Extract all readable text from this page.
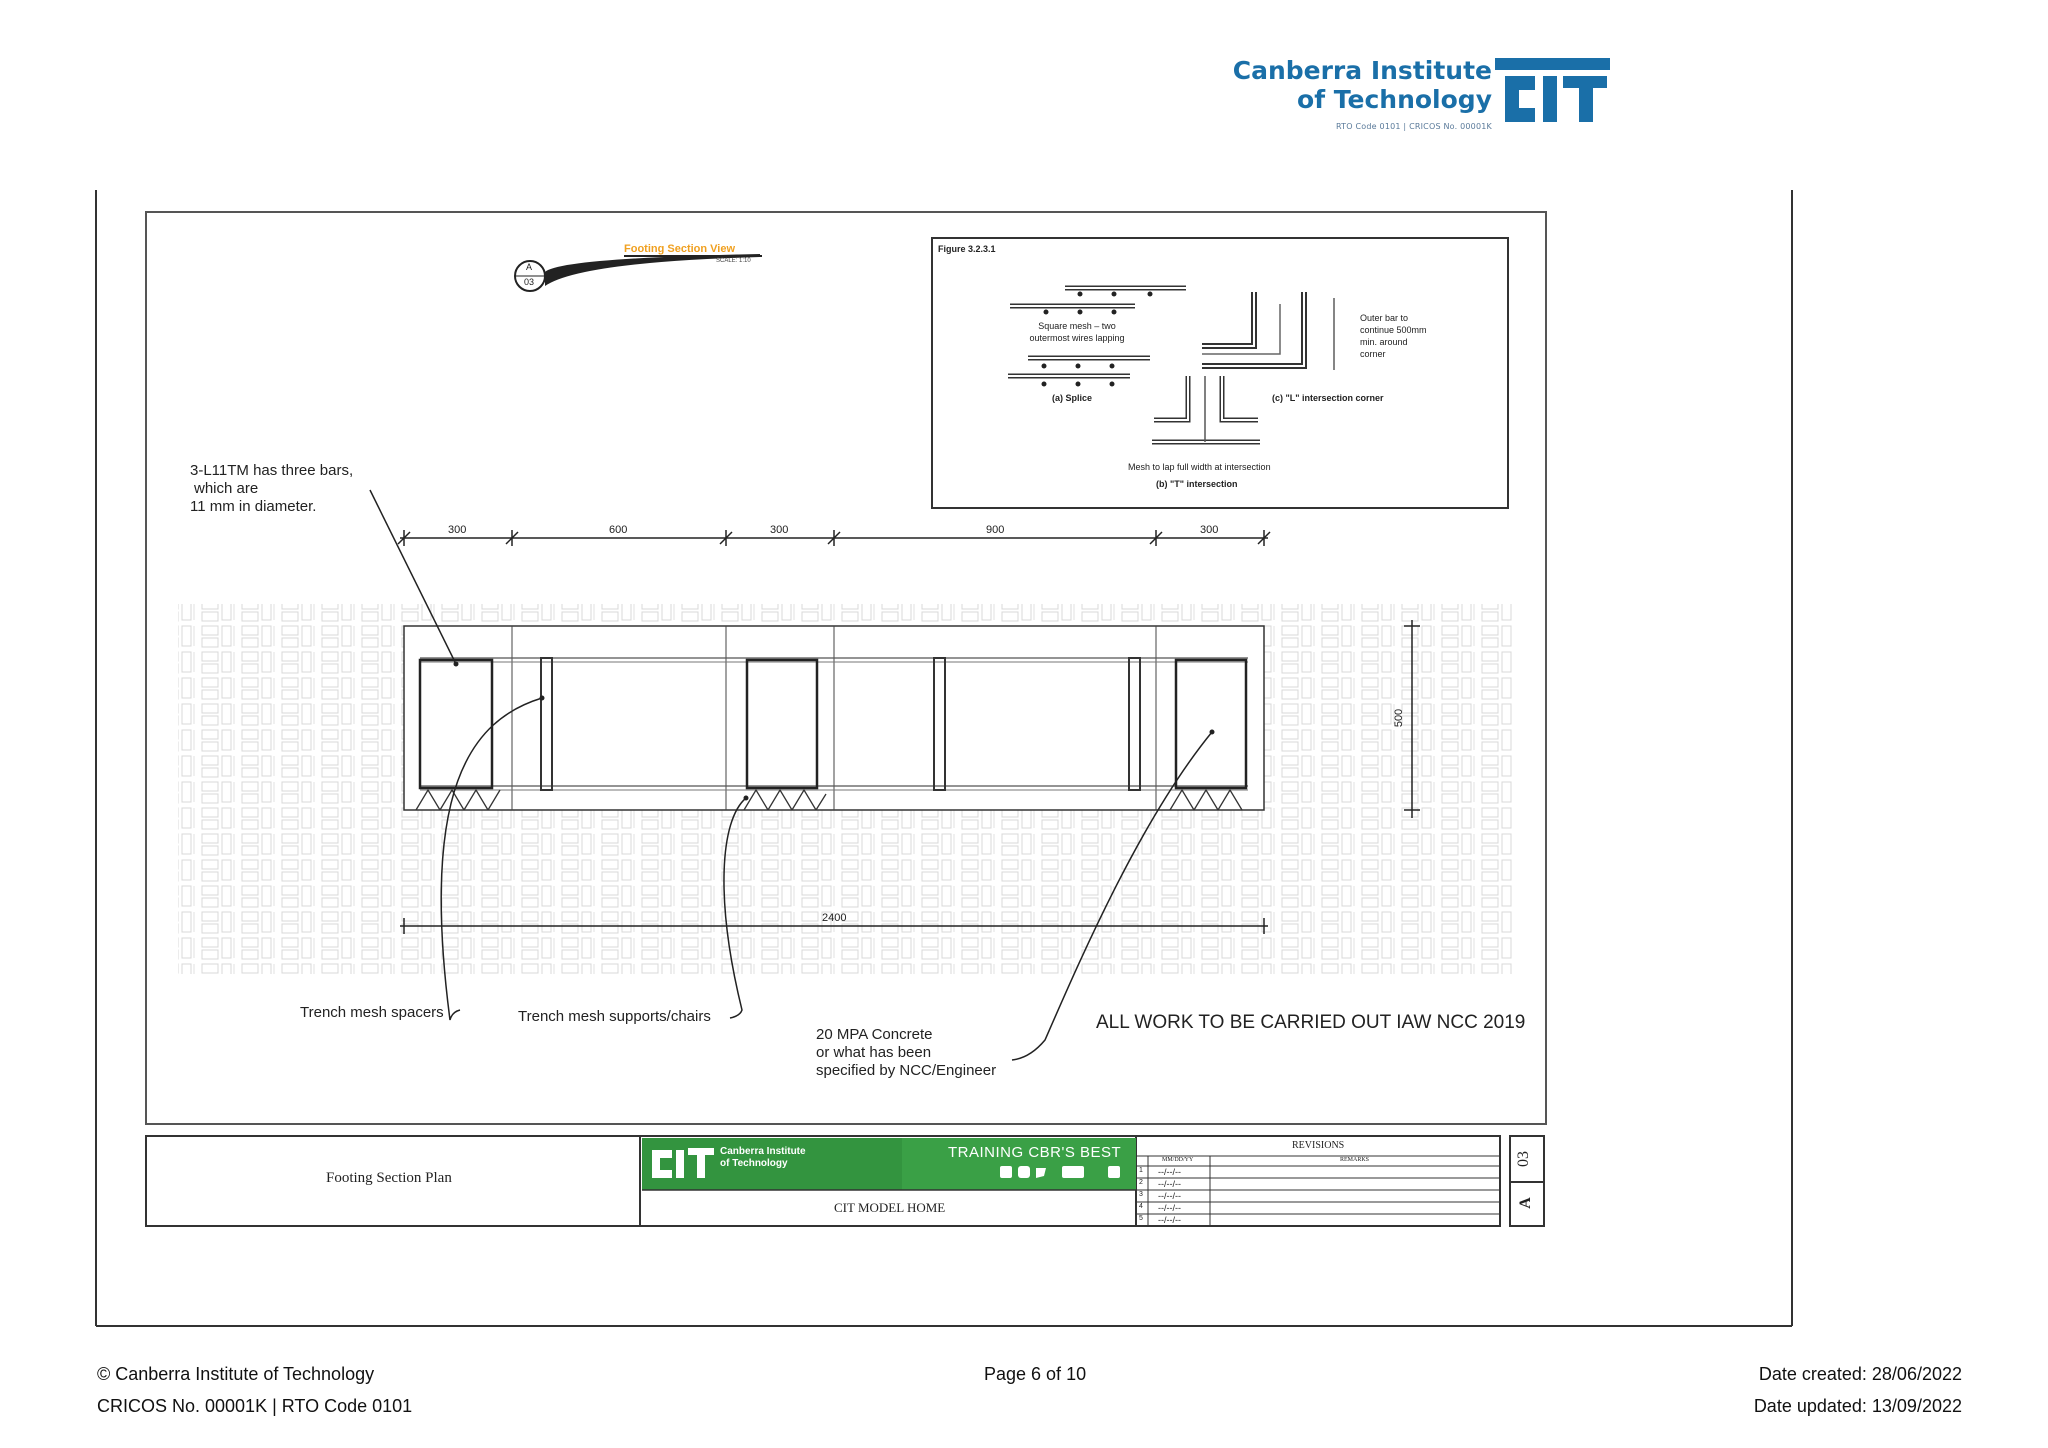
Canberra Institute
of Technology
RTO Code 0101 | CRICOS No. 00001K
A
03
Footing Section View
SCALE: 1:10
Figure 3.2.3.1
Square mesh – two outermost wires lapping
(a) Splice
Outer bar to continue 500mm min. around corner
(c) "L" intersection corner
Mesh to lap full width at intersection
(b) "T" intersection
3-L11TM has three bars,
which are
11 mm in diameter.
300	600	300	900	300
2400
500
Trench mesh spacers	Trench mesh supports/chairs
20 MPA Concrete
or what has been
specified by NCC/Engineer
ALL WORK TO BE CARRIED OUT IAW NCC 2019
Footing Section Plan
Canberra Institute
of Technology
TRAINING CBR'S BEST
CIT MODEL HOME
REVISIONS
MM/DD/YY	REMARKS
1 --/--/--
2 --/--/--
3 --/--/--
4 --/--/--
5 --/--/--
03
A
© Canberra Institute of Technology
CRICOS No. 00001K | RTO Code 0101
Page 6 of 10	Date created: 28/06/2022
Date updated: 13/09/2022
